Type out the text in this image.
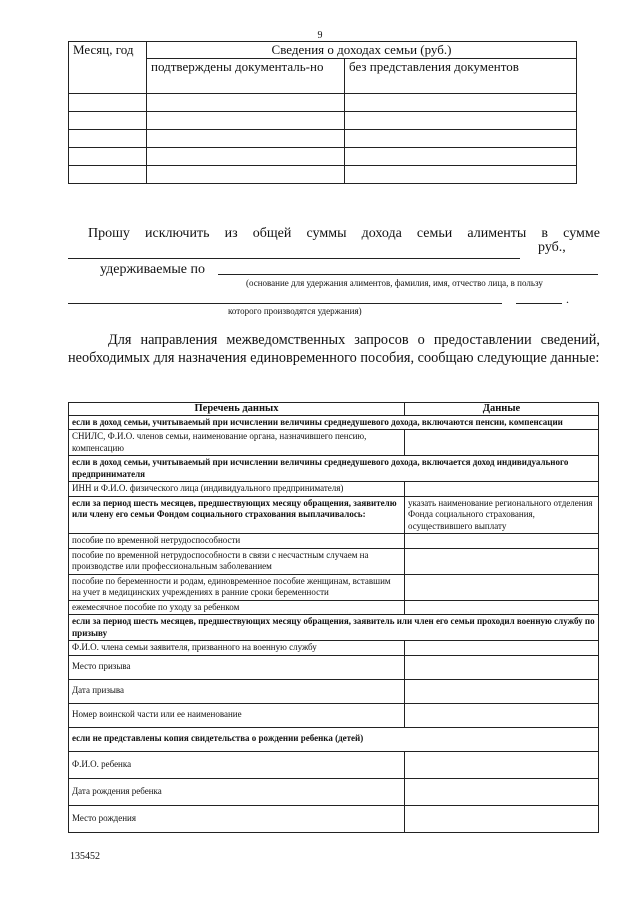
9
Месяц, год	Сведения о доходах семьи (руб.)	
	подтверждены документаль-но	без представления документов

Прошу исключить из общей суммы дохода семьи алименты в сумме
руб.,
удерживаемые по
(основание для удержания алиментов, фамилия, имя, отчество лица, в пользу
.
которого производятся удержания)
Для направления межведомственных запросов о предоставлении сведений, необходимых для назначения единовременного пособия, сообщаю следующие данные:
Перечень данных	Данные
если в доход семьи, учитываемый при исчислении величины среднедушевого дохода, включаются пенсии, компенсации	
СНИЛС, Ф.И.О. членов семьи, наименование органа, назначившего пенсию, компенсацию	
если в доход семьи, учитываемый при исчислении величины среднедушевого дохода, включается доход индивидуального предпринимателя	
ИНН и Ф.И.О. физического лица (индивидуального предпринимателя)	
если за период шесть месяцев, предшествующих месяцу обращения, заявителю или члену его семьи Фондом социального страхования выплачивалось:	указать наименование регионального отделения Фонда социального страхования, осуществившего выплату
пособие по временной нетрудоспособности	
пособие по временной нетрудоспособности в связи с несчастным случаем на производстве или профессиональным заболеванием	
пособие по беременности и родам, единовременное пособие женщинам, вставшим на учет в медицинских учреждениях в ранние сроки беременности	
ежемесячное пособие по уходу за ребенком	
если за период шесть месяцев, предшествующих месяцу обращения, заявитель или член его семьи проходил военную службу по призыву	
Ф.И.О. члена семьи заявителя, призванного на военную службу	
Место призыва	
Дата призыва	
Номер воинской части или ее наименование	
если не представлены копия свидетельства о рождении ребенка (детей)	
Ф.И.О. ребенка	
Дата рождения ребенка	
Место рождения	
135452
